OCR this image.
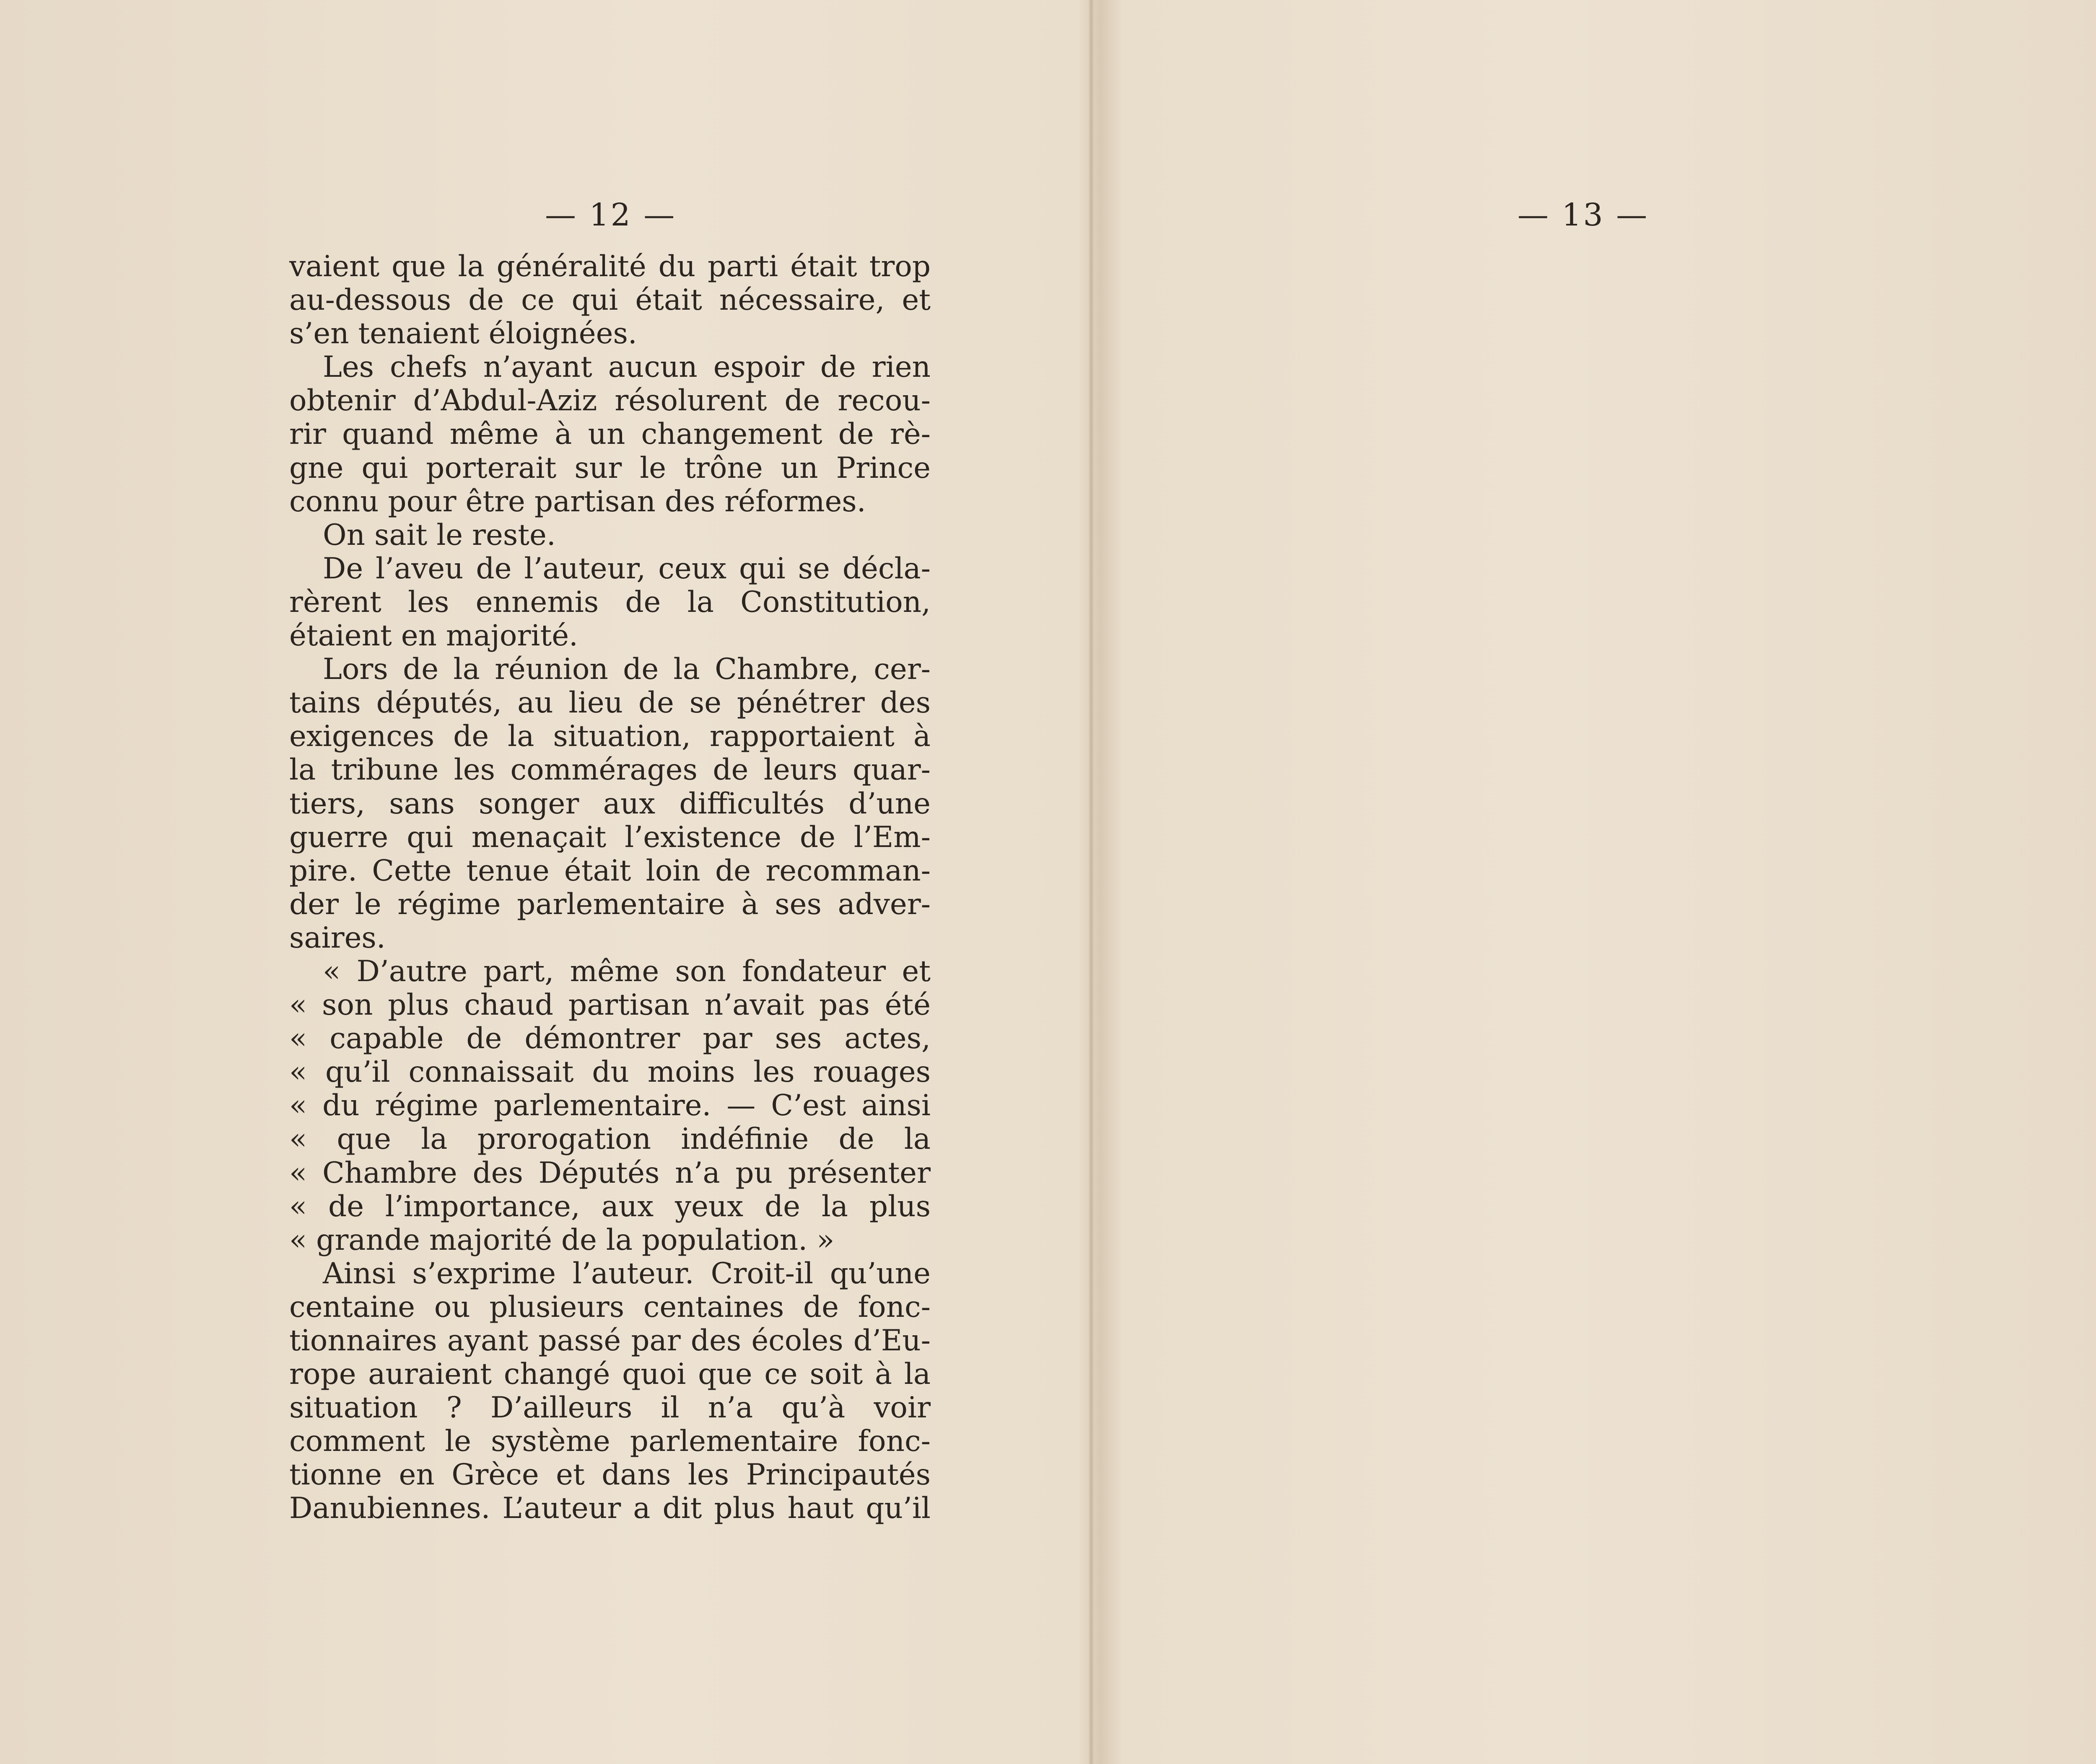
— 12 —
vaient que la généralité du parti était trop
au-dessous de ce qui était nécessaire, et
s’en tenaient éloignées.
Les chefs n’ayant aucun espoir de rien
obtenir d’Abdul-Aziz résolurent de recou-
rir quand même à un changement de rè-
gne qui porterait sur le trône un Prince
connu pour être partisan des réformes.
On sait le reste.
De l’aveu de l’auteur, ceux qui se décla-
rèrent les ennemis de la Constitution,
étaient en majorité.
Lors de la réunion de la Chambre, cer-
tains députés, au lieu de se pénétrer des
exigences de la situation, rapportaient à
la tribune les commérages de leurs quar-
tiers, sans songer aux difficultés d’une
guerre qui menaçait l’existence de l’Em-
pire. Cette tenue était loin de recomman-
der le régime parlementaire à ses adver-
saires.
« D’autre part, même son fondateur et
« son plus chaud partisan n’avait pas été
« capable de démontrer par ses actes,
« qu’il connaissait du moins les rouages
« du régime parlementaire. — C’est ainsi
« que la prorogation indéfinie de la
« Chambre des Députés n’a pu présenter
« de l’importance, aux yeux de la plus
« grande majorité de la population. »
Ainsi s’exprime l’auteur. Croit-il qu’une
centaine ou plusieurs centaines de fonc-
tionnaires ayant passé par des écoles d’Eu-
rope auraient changé quoi que ce soit à la
situation ? D’ailleurs il n’a qu’à voir
comment le système parlementaire fonc-
tionne en Grèce et dans les Principautés
Danubiennes. L’auteur a dit plus haut qu’il
— 13 —
